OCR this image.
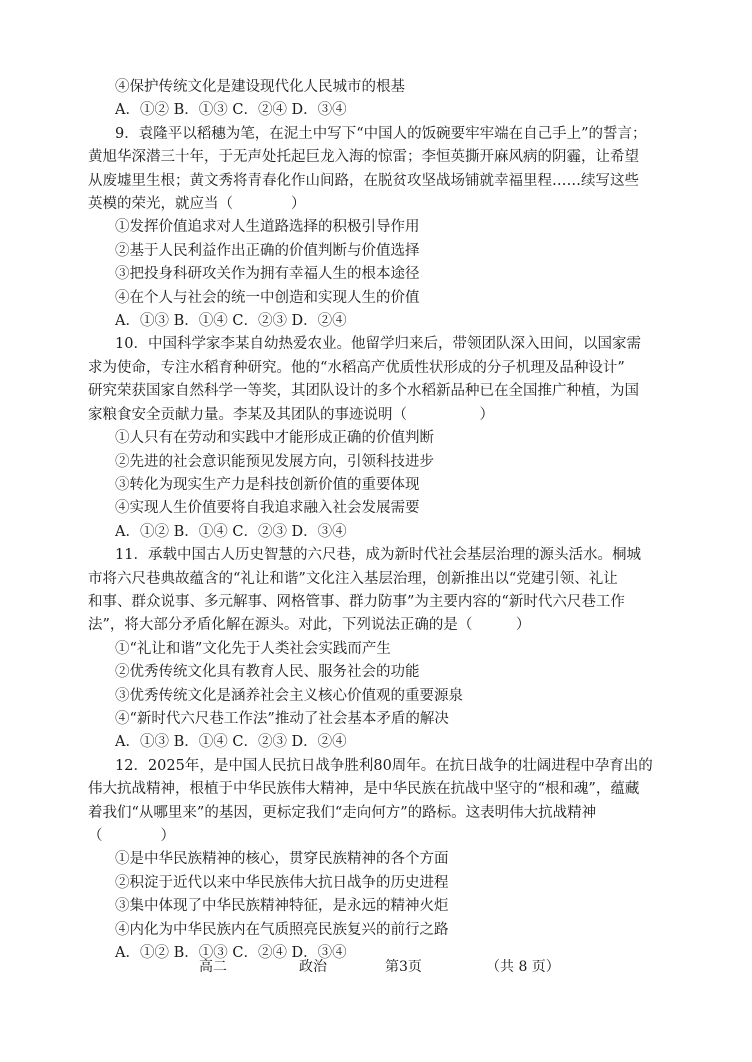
④保护传统文化是建设现代化人民城市的根基
A．①② B．①③ C．②④ D．③④
9．袁隆平以稻穗为笔，在泥土中写下“中国人的饭碗要牢牢端在自己手上”的誓言；
黄旭华深潜三十年，于无声处托起巨龙入海的惊雷；李恒英撕开麻风病的阴霾，让希望
从废墟里生根；黄文秀将青春化作山间路，在脱贫攻坚战场铺就幸福里程……续写这些
英模的荣光，就应当（　　　　）
①发挥价值追求对人生道路选择的积极引导作用
②基于人民利益作出正确的价值判断与价值选择
③把投身科研攻关作为拥有幸福人生的根本途径
④在个人与社会的统一中创造和实现人生的价值
A．①③ B．①④ C．②③ D．②④
10．中国科学家李某自幼热爱农业。他留学归来后，带领团队深入田间，以国家需
求为使命，专注水稻育种研究。他的“水稻高产优质性状形成的分子机理及品种设计”
研究荣获国家自然科学一等奖，其团队设计的多个水稻新品种已在全国推广种植，为国
家粮食安全贡献力量。李某及其团队的事迹说明（　　　　　）
①人只有在劳动和实践中才能形成正确的价值判断
②先进的社会意识能预见发展方向，引领科技进步
③转化为现实生产力是科技创新价值的重要体现
④实现人生价值要将自我追求融入社会发展需要
A．①② B．①④ C．②③ D．③④
11．承载中国古人历史智慧的六尺巷，成为新时代社会基层治理的源头活水。桐城
市将六尺巷典故蕴含的“礼让和谐”文化注入基层治理，创新推出以“党建引领、礼让
和事、群众说事、多元解事、网格管事、群力防事”为主要内容的“新时代六尺巷工作
法”，将大部分矛盾化解在源头。对此，下列说法正确的是（　　　）
①“礼让和谐”文化先于人类社会实践而产生
②优秀传统文化具有教育人民、服务社会的功能
③优秀传统文化是涵养社会主义核心价值观的重要源泉
④“新时代六尺巷工作法”推动了社会基本矛盾的解决
A．①③ B．①④ C．②③ D．②④
12．2025年，是中国人民抗日战争胜利80周年。在抗日战争的壮阔进程中孕育出的
伟大抗战精神，根植于中华民族伟大精神，是中华民族在抗战中坚守的“根和魂”，蕴藏
着我们“从哪里来”的基因，更标定我们“走向何方”的路标。这表明伟大抗战精神
（　　　　）
①是中华民族精神的核心，贯穿民族精神的各个方面
②积淀于近代以来中华民族伟大抗日战争的历史进程
③集中体现了中华民族精神特征，是永远的精神火炬
④内化为中华民族内在气质照亮民族复兴的前行之路
A．①② B．①③ C．②④ D．③④
高二	政治	第3页	（共 8 页）
